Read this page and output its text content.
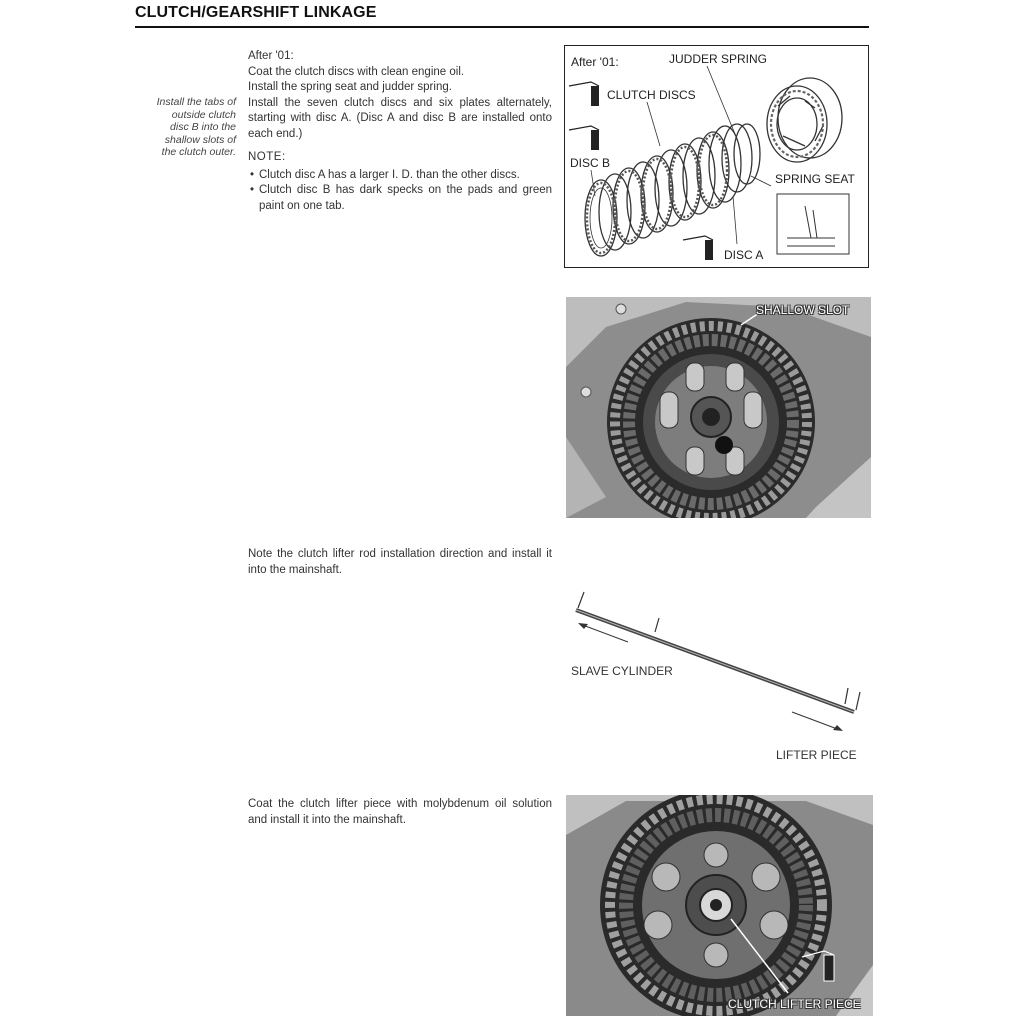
CLUTCH/GEARSHIFT LINKAGE
Install the tabs of
outside clutch
disc B into the
shallow slots of
the clutch outer.

After '01:

Coat the clutch discs with clean engine oil.

Install the spring seat and judder spring.

Install the seven clutch discs and six plates alternately, starting with disc A. (Disc A and disc B are installed onto each end.)

NOTE:

• Clutch disc A has a larger I. D. than the other discs.
• Clutch disc B has dark specks on the pads and green paint on one tab.
After '01:	JUDDER SPRING
CLUTCH DISCS
DISC B
SPRING SEAT
DISC A
SHALLOW SLOT

Note the clutch lifter rod installation direction and install it into the mainshaft.

SLAVE CYLINDER
LIFTER PIECE

Coat the clutch lifter piece with molybdenum oil solution and install it into the mainshaft.

CLUTCH LIFTER PIECE
